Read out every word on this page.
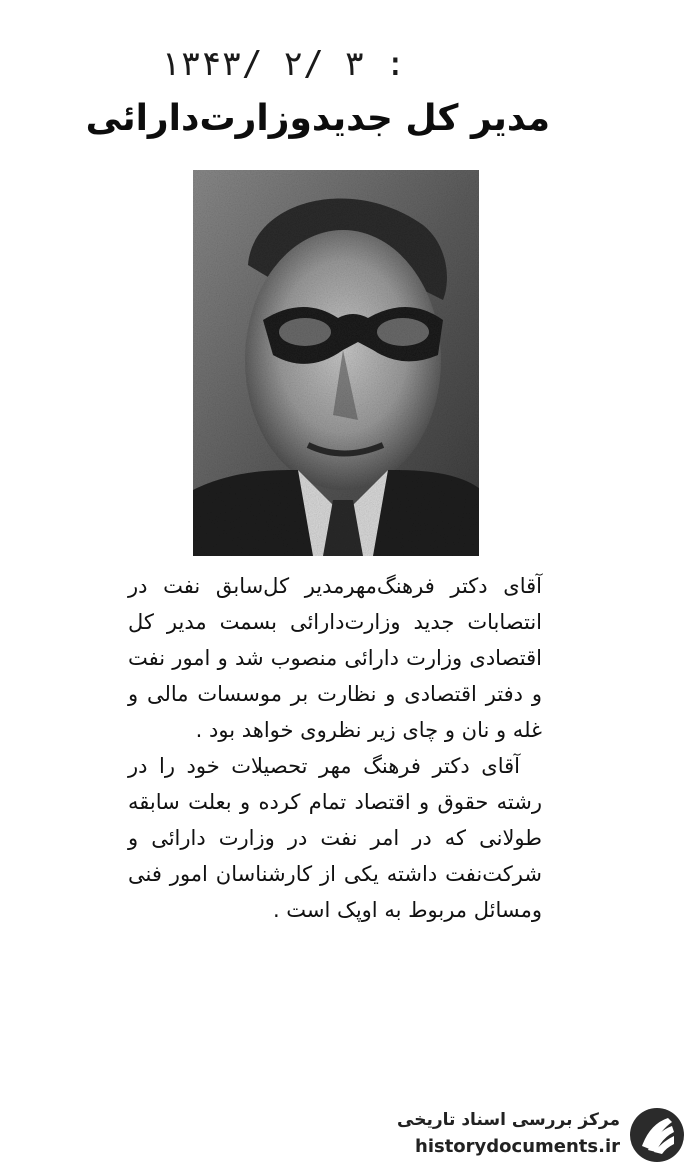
۱۳۴۳/ ۲/ ۳ :
مدیر کل جدیدوزارت‌دارائی

آقای دکتر فرهنگ‌مهرمدیر کل‌سابق نفت در انتصابات جدید وزارت‌دارائی بسمت مدیر کل اقتصادی وزارت دارائی منصوب شد و امور نفت و دفتر اقتصادی و نظارت بر موسسات مالی و غله و نان و چای زیر نظروی خواهد بود .

آقای دکتر فرهنگ مهر تحصیلات خود را در رشته حقوق و اقتصاد تمام کرده و بعلت سابقه طولانی که در امر نفت در وزارت دارائی و شرکت‌نفت داشته یکی از کارشناسان امور فنی ومسائل مربوط به اوپک است .

مرکز بررسی اسناد تاریخی
historydocuments.ir
